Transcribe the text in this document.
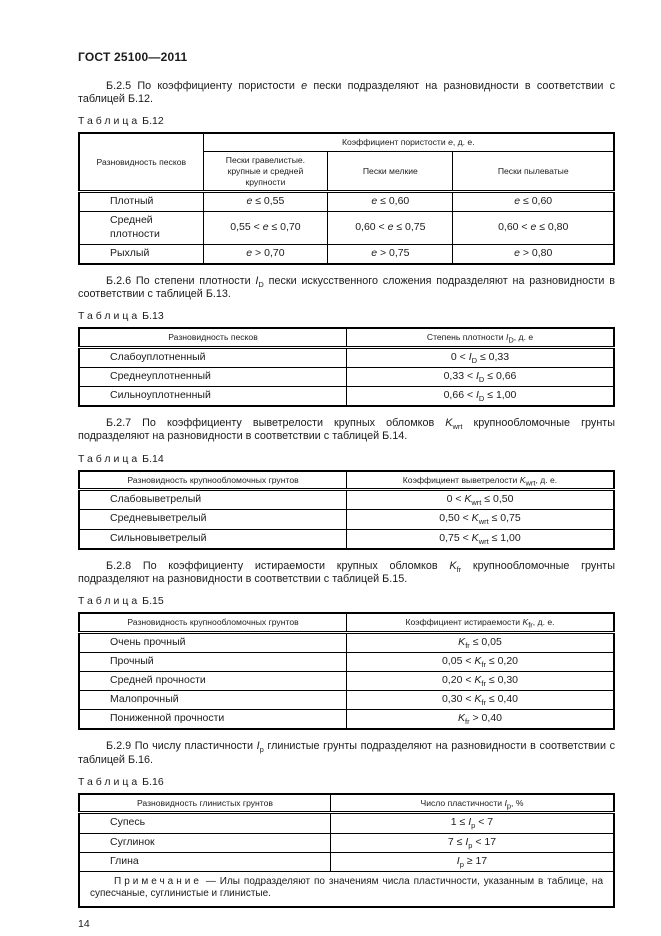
ГОСТ 25100—2011

Б.2.5 По коэффициенту пористости e пески подразделяют на разновидности в соответствии с таблицей Б.12.

Таблица Б.12
Разновидность песков	Коэффициент пористости e, д. е.		
	Пески гравелистые. крупные и средней крупности	Пески мелкие	Пески пылеватые
Плотный	e ≤ 0,55	e ≤ 0,60	e ≤ 0,60
Средней плотности	0,55 < e ≤ 0,70	0,60 < e ≤ 0,75	0,60 < e ≤ 0,80
Рыхлый	e > 0,70	e > 0,75	e > 0,80

Б.2.6 По степени плотности $I_D$ пески искусственного сложения подразделяют на разновидности в соответствии с таблицей Б.13.

Таблица Б.13
Разновидность песков	Степень плотности $I_D$, д. е
Слабоуплотненный	$0 < I_D \le 0,33$
Среднеуплотненный	$0,33 < I_D \le 0,66$
Сильноуплотненный	$0,66 < I_D \le 1,00$

Б.2.7 По коэффициенту выветрелости крупных обломков $K_{wrt}$ крупнообломочные грунты подразделяют на разновидности в соответствии с таблицей Б.14.

Таблица Б.14
Разновидность крупнообломочных грунтов	Коэффициент выветрелости $K_{wrt}$, д. е.
Слабовыветрелый	$0 < K_{wrt} \le 0,50$
Средневыветрелый	$0,50 < K_{wrt} \le 0,75$
Сильновыветрелый	$0,75 < K_{wrt} \le 1,00$

Б.2.8 По коэффициенту истираемости крупных обломков $K_{fr}$ крупнообломочные грунты подразделяют на разновидности в соответствии с таблицей Б.15.

Таблица Б.15
Разновидность крупнообломочных грунтов	Коэффициент истираемости $K_{fr}$, д. е.
Очень прочный	$K_{fr} \le 0,05$
Прочный	$0,05 < K_{fr} \le 0,20$
Средней прочности	$0,20 < K_{fr} \le 0,30$
Малопрочный	$0,30 < K_{fr} \le 0,40$
Пониженной прочности	$K_{fr} > 0,40$

Б.2.9 По числу пластичности $I_p$ глинистые грунты подразделяют на разновидности в соответствии с таблицей Б.16.

Таблица Б.16
Разновидность глинистых грунтов	Число пластичности $I_p$, %
Супесь	$1 \le I_p < 7$
Суглинок	$7 \le I_p < 17$
Глина	$I_p \ge 17$
Примечание — Илы подразделяют по значениям числа пластичности, указанным в таблице, на супесчаные, суглинистые и глинистые.	
14
